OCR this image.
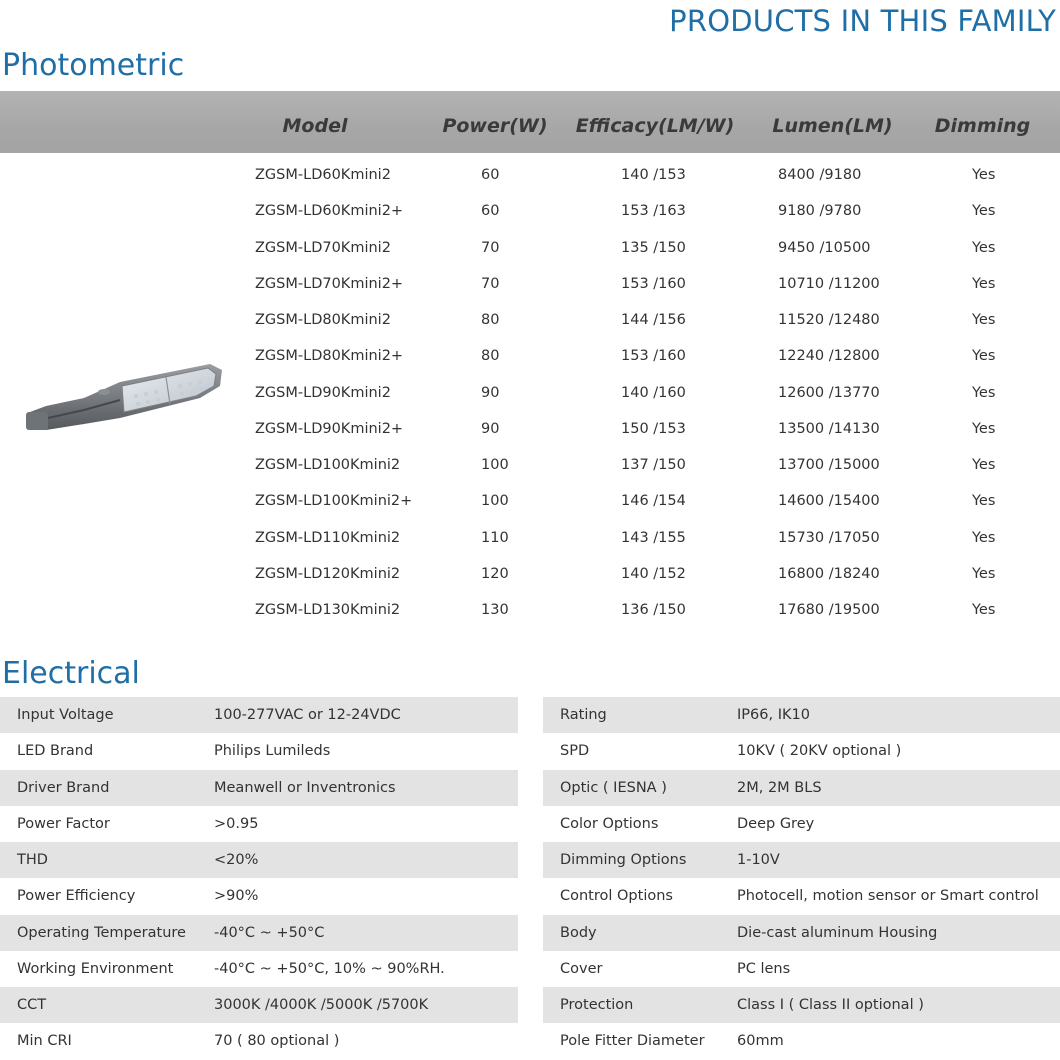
PRODUCTS IN THIS FAMILY
Photometric
Model	Power(W)	Efficacy(LM/W)	Lumen(LM)	Dimming
ZGSM-LD60Kmini2	60	140 /153	8400 /9180	Yes
ZGSM-LD60Kmini2+	60	153 /163	9180 /9780	Yes
ZGSM-LD70Kmini2	70	135 /150	9450 /10500	Yes
ZGSM-LD70Kmini2+	70	153 /160	10710 /11200	Yes
ZGSM-LD80Kmini2	80	144 /156	11520 /12480	Yes
ZGSM-LD80Kmini2+	80	153 /160	12240 /12800	Yes
ZGSM-LD90Kmini2	90	140 /160	12600 /13770	Yes
ZGSM-LD90Kmini2+	90	150 /153	13500 /14130	Yes
ZGSM-LD100Kmini2	100	137 /150	13700 /15000	Yes
ZGSM-LD100Kmini2+	100	146 /154	14600 /15400	Yes
ZGSM-LD110Kmini2	110	143 /155	15730 /17050	Yes
ZGSM-LD120Kmini2	120	140 /152	16800 /18240	Yes
ZGSM-LD130Kmini2	130	136 /150	17680 /19500	Yes
Electrical
Input Voltage	100-277VAC or 12-24VDC
LED Brand	Philips Lumileds
Driver Brand	Meanwell or Inventronics
Power Factor	>0.95
THD	<20%
Power Efficiency	>90%
Operating Temperature -40°C ~ +50°C
Working Environment	-40°C ~ +50°C, 10% ~ 90%RH.
CCT	3000K /4000K /5000K /5700K
Min CRI	70 ( 80 optional )
Rating	IP66, IK10
SPD	10KV ( 20KV optional )
Optic ( IESNA )	2M, 2M BLS
Color Options	Deep Grey
Dimming Options	1-10V
Control Options	Photocell, motion sensor or Smart control
Body	Die-cast aluminum Housing
Cover	PC lens
Protection	Class I ( Class II optional )
Pole Fitter Diameter 60mm
